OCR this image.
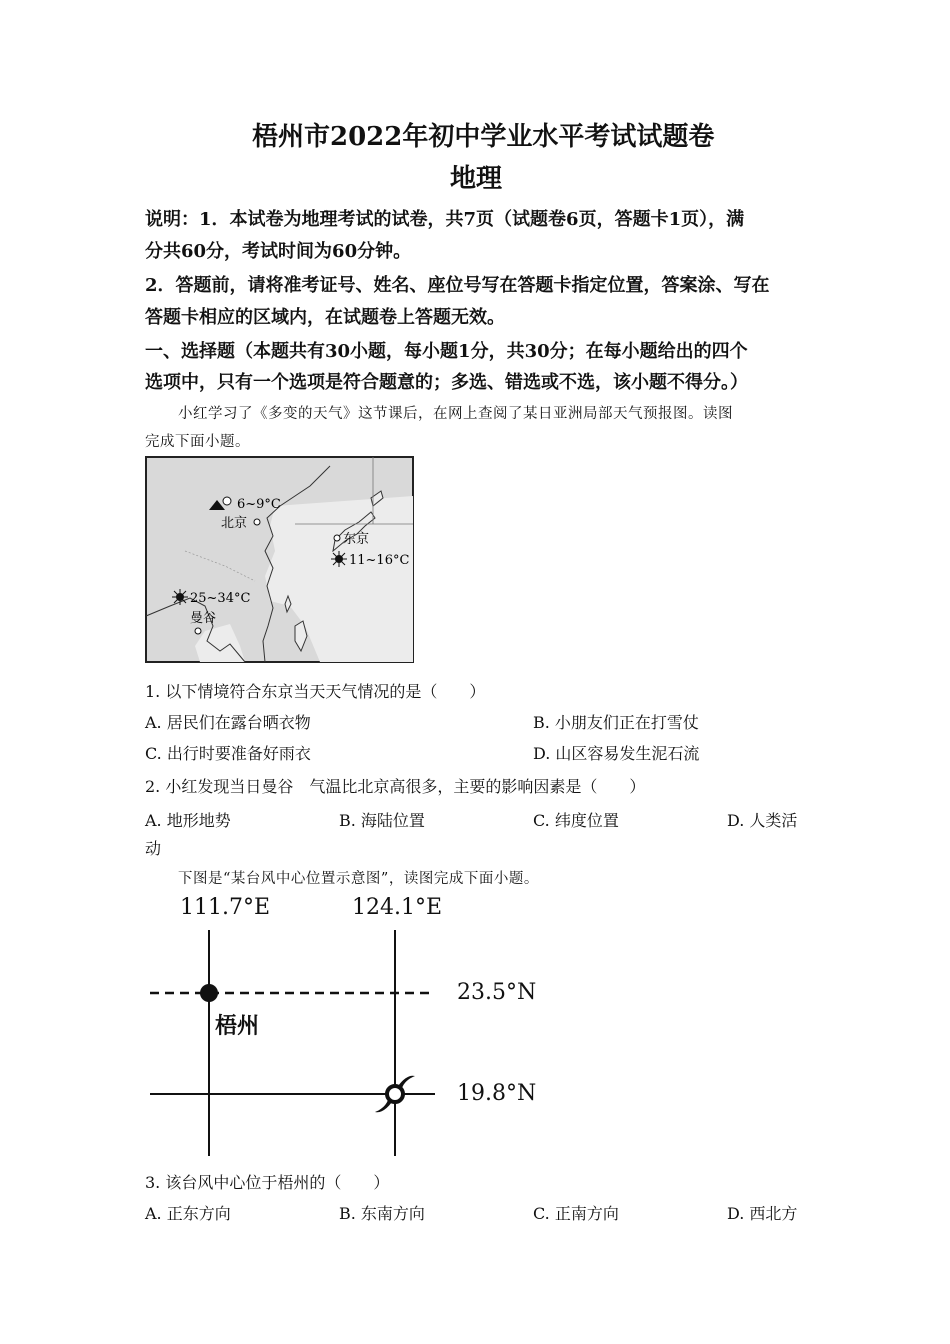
梧州市2022年初中学业水平考试试题卷
地理
说明：1．本试卷为地理考试的试卷，共7页（试题卷6页，答题卡1页），满
分共60分，考试时间为60分钟。
2．答题前，请将准考证号、姓名、座位号写在答题卡指定位置，答案涂、写在
答题卡相应的区域内，在试题卷上答题无效。
一、选择题（本题共有30小题，每小题1分，共30分；在每小题给出的四个
选项中，只有一个选项是符合题意的；多选、错选或不选，该小题不得分。）
小红学习了《多变的天气》这节课后，在网上查阅了某日亚洲局部天气预报图。读图
完成下面小题。
6~9°C
北京
东京
11~16°C
25~34°C
曼谷
1. 以下情境符合东京当天天气情况的是（　　）
A. 居民们在露台晒衣物	B. 小朋友们正在打雪仗
C. 出行时要准备好雨衣	D. 山区容易发生泥石流
2. 小红发现当日曼谷　气温比北京高很多，主要的影响因素是（　　）
A. 地形地势	B. 海陆位置	C. 纬度位置	D. 人类活
动
下图是“某台风中心位置示意图”，读图完成下面小题。
111.7°E	124.1°E
23.5°N
19.8°N
梧州
3. 该台风中心位于梧州的（　　）
A. 正东方向	B. 东南方向	C. 正南方向	D. 西北方
